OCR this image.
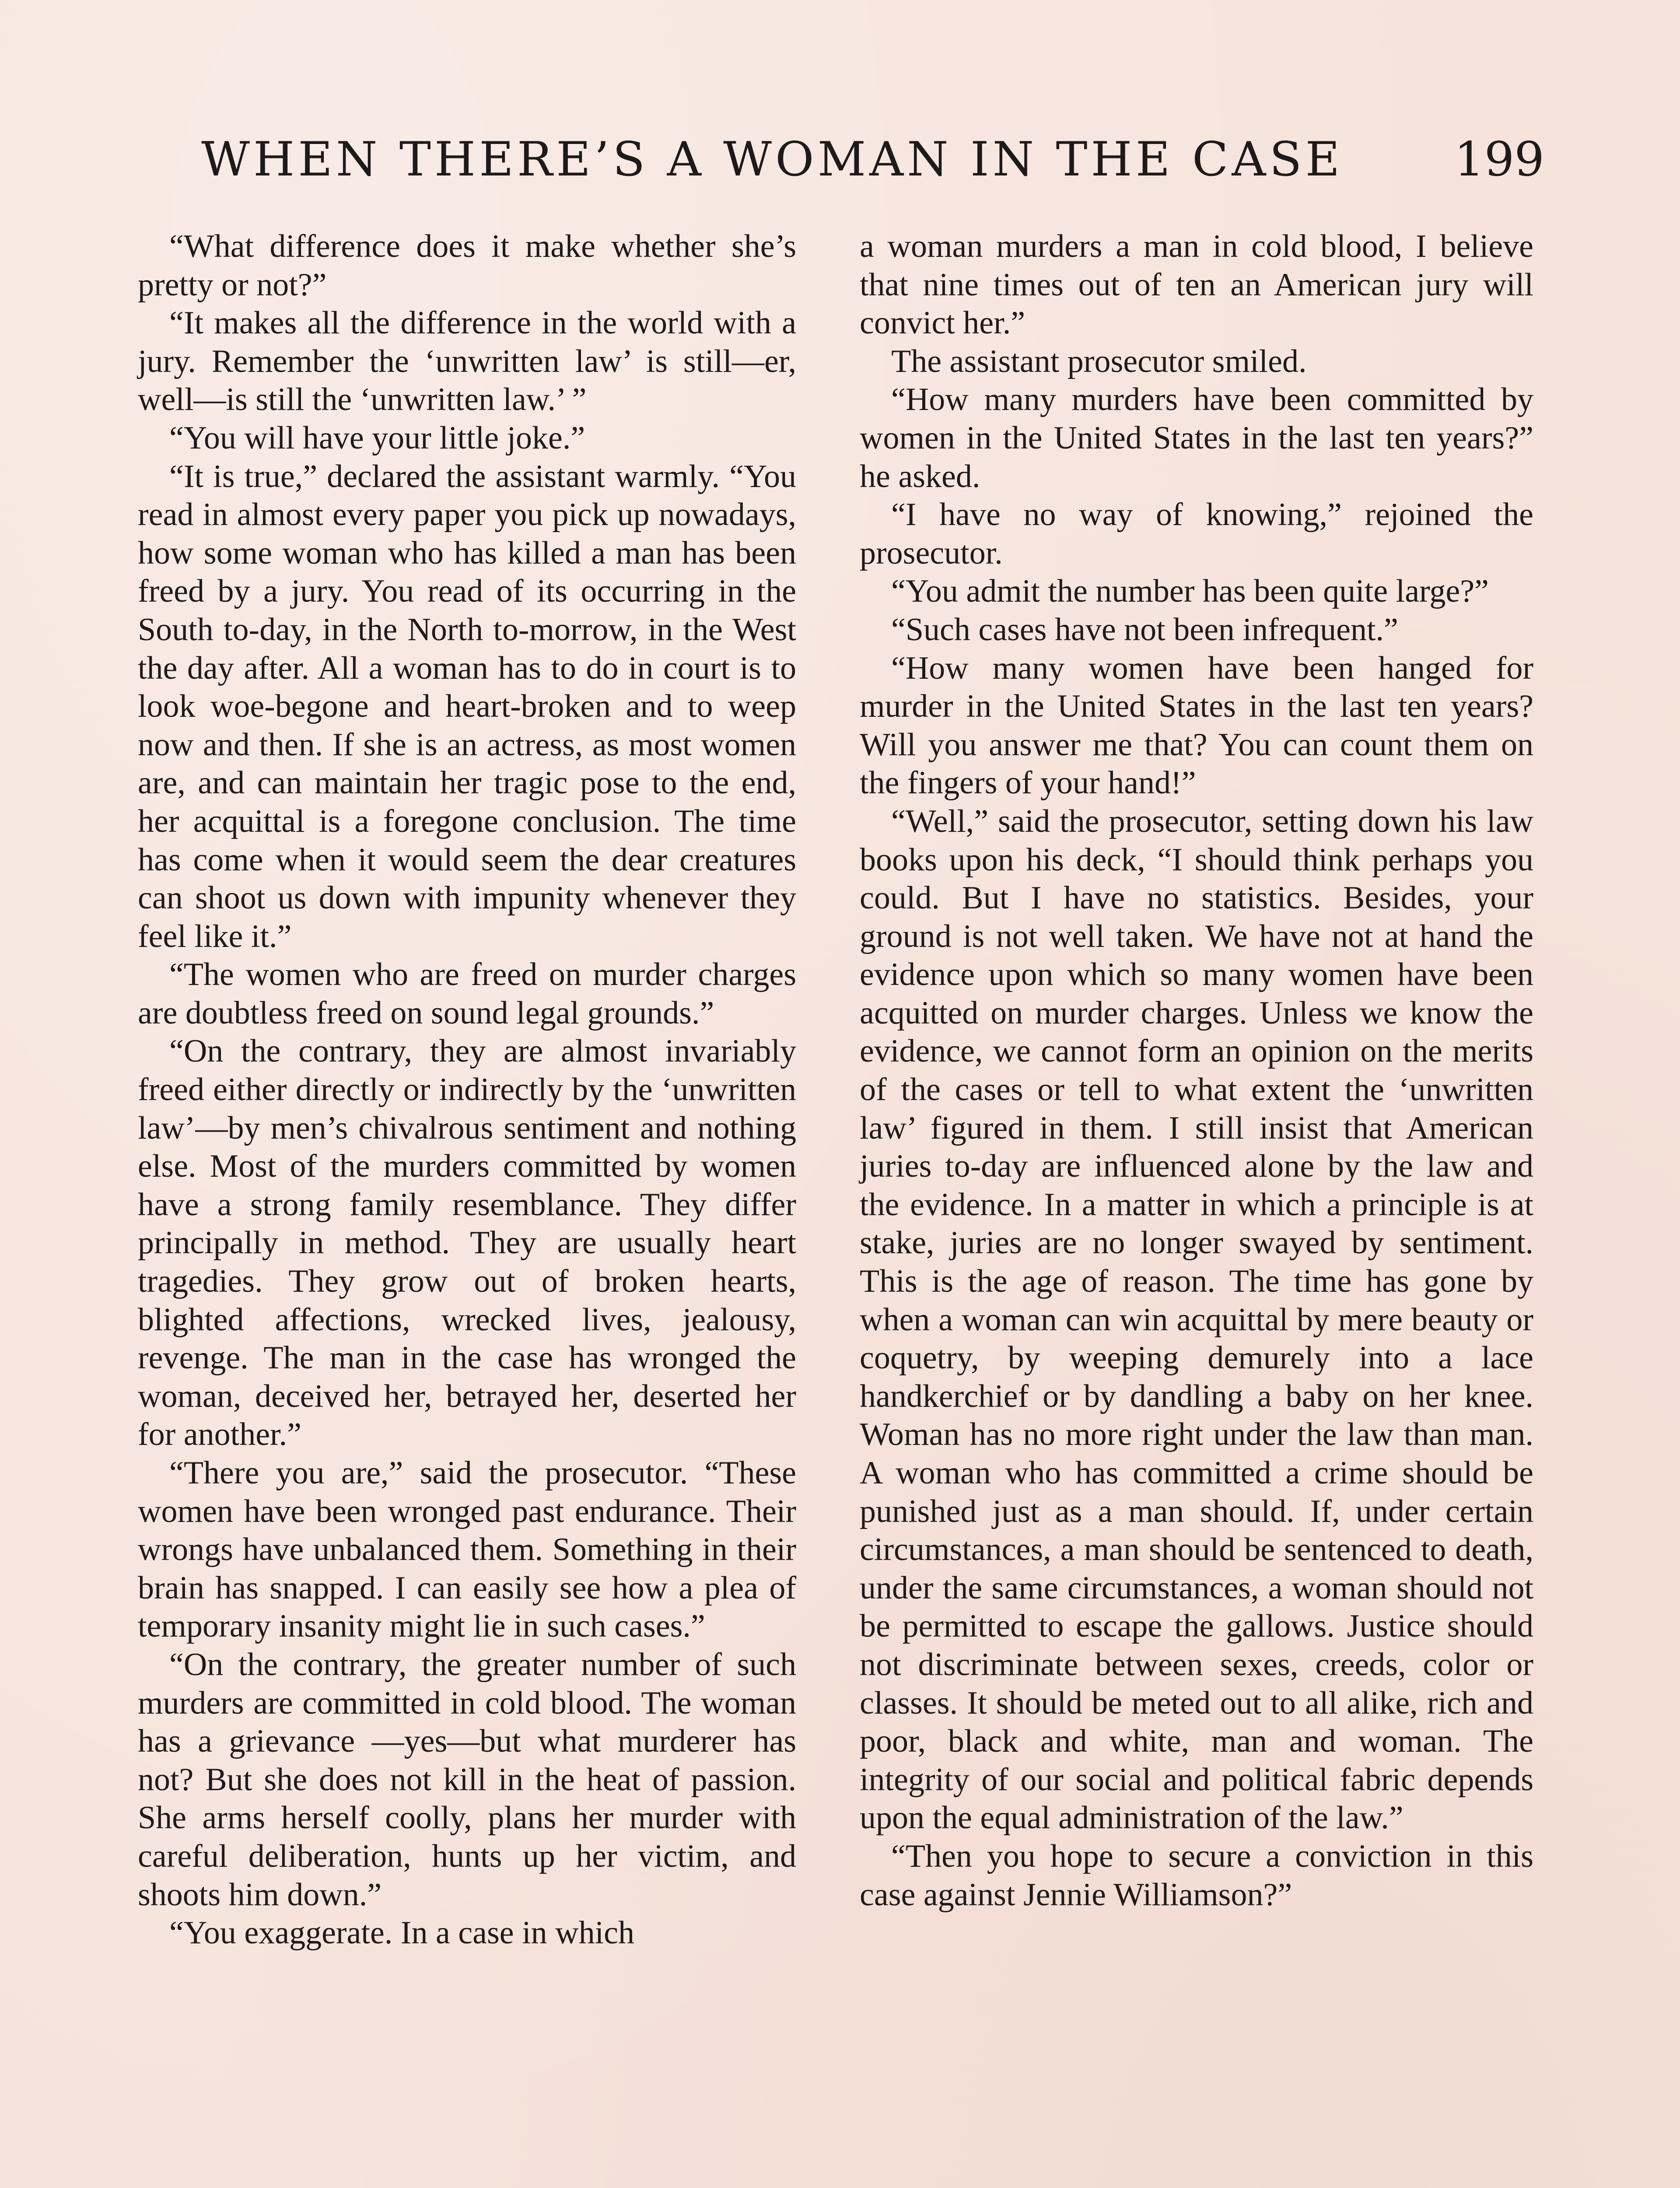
WHEN THERE’S A WOMAN IN THE CASE 199

“What difference does it make whether she’s pretty or not?”

“It makes all the difference in the world with a jury. Remember the ‘unwritten law’ is still—er, well—is still the ‘unwritten law.’ ”

“You will have your little joke.”

“It is true,” declared the assistant warmly. “You read in almost every paper you pick up nowadays, how some woman who has killed a man has been freed by a jury. You read of its occurring in the South to-day, in the North to-morrow, in the West the day after. All a woman has to do in court is to look woe-begone and heart-broken and to weep now and then. If she is an actress, as most women are, and can maintain her tragic pose to the end, her acquittal is a foregone conclusion. The time has come when it would seem the dear creatures can shoot us down with impunity whenever they feel like it.”

“The women who are freed on murder charges are doubtless freed on sound legal grounds.”

“On the contrary, they are almost invariably freed either directly or indirectly by the ‘unwritten law’—by men’s chivalrous sentiment and nothing else. Most of the murders committed by women have a strong family resemblance. They differ principally in method. They are usually heart tragedies. They grow out of broken hearts, blighted affections, wrecked lives, jealousy, revenge. The man in the case has wronged the woman, deceived her, betrayed her, deserted her for another.”

“There you are,” said the prosecutor. “These women have been wronged past endurance. Their wrongs have unbalanced them. Something in their brain has snapped. I can easily see how a plea of temporary insanity might lie in such cases.”

“On the contrary, the greater number of such murders are committed in cold blood. The woman has a grievance —yes—but what murderer has not? But she does not kill in the heat of passion. She arms herself coolly, plans her murder with careful deliberation, hunts up her victim, and shoots him down.”

“You exaggerate. In a case in which

a woman murders a man in cold blood, I believe that nine times out of ten an American jury will convict her.”

The assistant prosecutor smiled.

“How many murders have been committed by women in the United States in the last ten years?” he asked.

“I have no way of knowing,” rejoined the prosecutor.

“You admit the number has been quite large?”

“Such cases have not been infrequent.”

“How many women have been hanged for murder in the United States in the last ten years? Will you answer me that? You can count them on the fingers of your hand!”

“Well,” said the prosecutor, setting down his law books upon his deck, “I should think perhaps you could. But I have no statistics. Besides, your ground is not well taken. We have not at hand the evidence upon which so many women have been acquitted on murder charges. Unless we know the evidence, we cannot form an opinion on the merits of the cases or tell to what extent the ‘unwritten law’ figured in them. I still insist that American juries to-day are influenced alone by the law and the evidence. In a matter in which a principle is at stake, juries are no longer swayed by sentiment. This is the age of reason. The time has gone by when a woman can win acquittal by mere beauty or coquetry, by weeping demurely into a lace handkerchief or by dandling a baby on her knee. Woman has no more right under the law than man. A woman who has committed a crime should be punished just as a man should. If, under certain circumstances, a man should be sentenced to death, under the same circumstances, a woman should not be permitted to escape the gallows. Justice should not discriminate between sexes, creeds, color or classes. It should be meted out to all alike, rich and poor, black and white, man and woman. The integrity of our social and political fabric depends upon the equal administration of the law.”

“Then you hope to secure a conviction in this case against Jennie Williamson?”
